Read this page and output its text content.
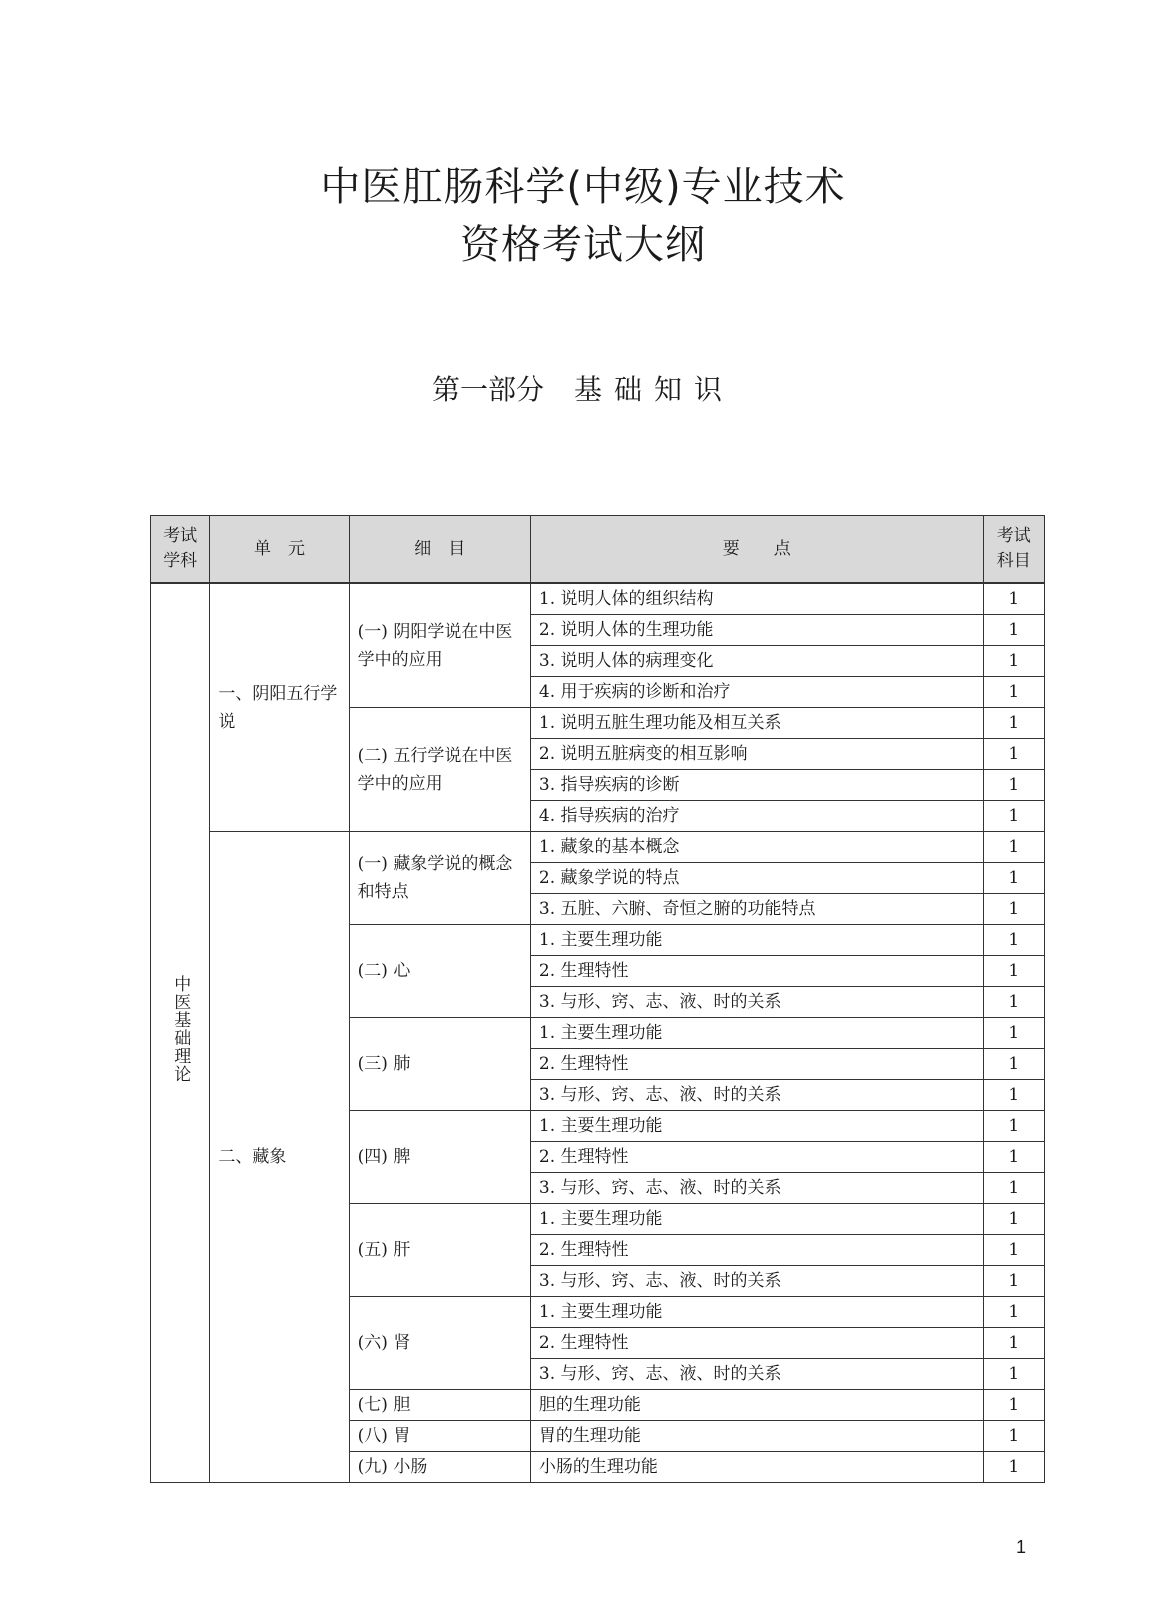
中医肛肠科学(中级)专业技术
资格考试大纲
第一部分 基础知识
考试
学科	单　元	细　目	要　　点	考试
科目
中医基础理论	一、阴阳五行学说	(一) 阴阳学说在中医学中的应用	1. 说明人体的组织结构	1
			2. 说明人体的生理功能	1
			3. 说明人体的病理变化	1
			4. 用于疾病的诊断和治疗	1
		(二) 五行学说在中医学中的应用	1. 说明五脏生理功能及相互关系	1
			2. 说明五脏病变的相互影响	1
			3. 指导疾病的诊断	1
			4. 指导疾病的治疗	1
	二、藏象	(一) 藏象学说的概念和特点	1. 藏象的基本概念	1
			2. 藏象学说的特点	1
			3. 五脏、六腑、奇恒之腑的功能特点	1
		(二) 心	1. 主要生理功能	1
			2. 生理特性	1
			3. 与形、窍、志、液、时的关系	1
		(三) 肺	1. 主要生理功能	1
			2. 生理特性	1
			3. 与形、窍、志、液、时的关系	1
		(四) 脾	1. 主要生理功能	1
			2. 生理特性	1
			3. 与形、窍、志、液、时的关系	1
		(五) 肝	1. 主要生理功能	1
			2. 生理特性	1
			3. 与形、窍、志、液、时的关系	1
		(六) 肾	1. 主要生理功能	1
			2. 生理特性	1
			3. 与形、窍、志、液、时的关系	1
		(七) 胆	胆的生理功能	1
		(八) 胃	胃的生理功能	1
		(九) 小肠	小肠的生理功能	1
1
